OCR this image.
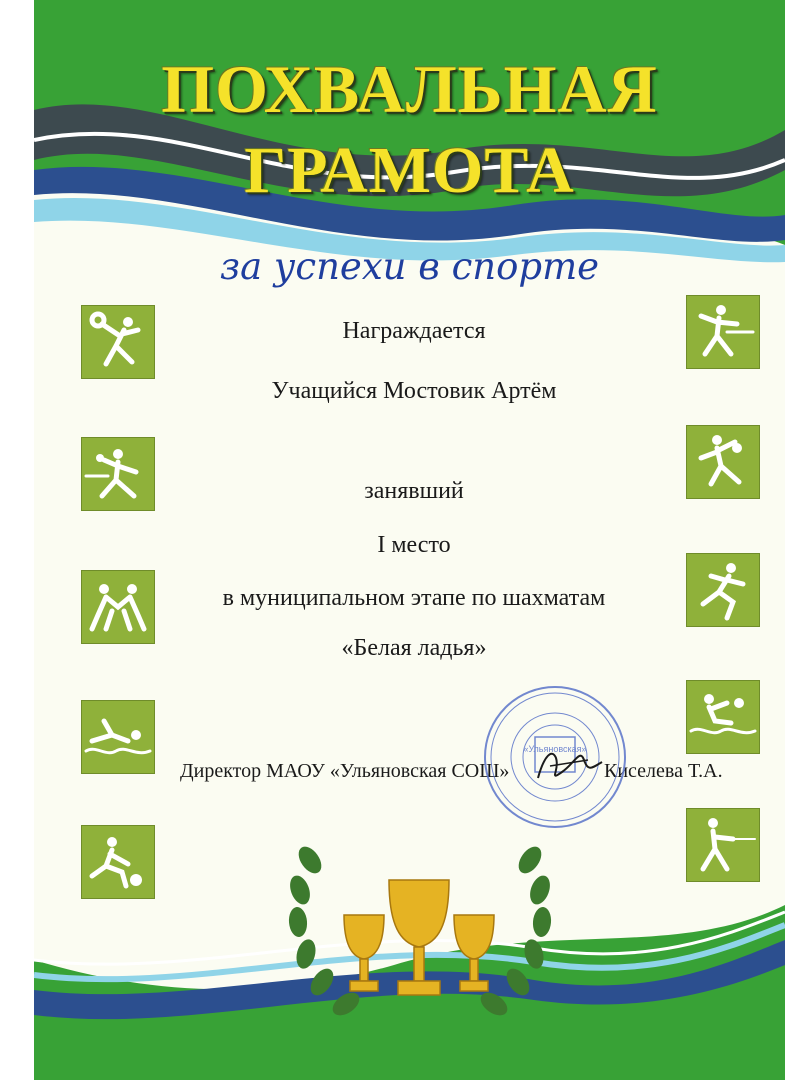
ПОХВАЛЬНАЯ
ГРАМОТА
за успехи в спорте
Награждается
Учащийся Мостовик Артём
занявший
I место
в муниципальном этапе по шахматам
«Белая ладья»
Директор МАОУ «Ульяновская СОШ»	Киселева Т.А.
«Ульяновская»
